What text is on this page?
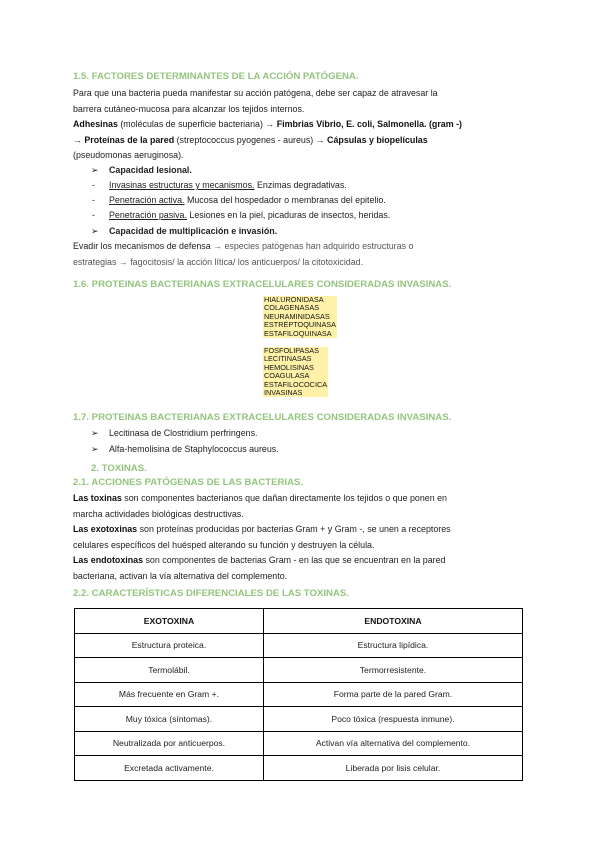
1.5. FACTORES DETERMINANTES DE LA ACCIÓN PATÓGENA.
Para que una bacteria pueda manifestar su acción patógena, debe ser capaz de atravesar la
barrera cutáneo-mucosa para alcanzar los tejidos internos.
Adhesinas (moléculas de superficie bacteriana) → Fimbrias Vibrio, E. coli, Salmonella. (gram -)
→ Proteínas de la pared (streptococcus pyogenes - aureus) → Cápsulas y biopelículas
(pseudomonas aeruginosa).
➢ Capacidad lesional.
- Invasinas estructuras y mecanismos. Enzimas degradativas.
- Penetración activa. Mucosa del hospedador o membranas del epitelio.
- Penetración pasiva. Lesiones en la piel, picaduras de insectos, heridas.
➢ Capacidad de multiplicación e invasión.
Evadir los mecanismos de defensa → especies patógenas han adquirido estructuras o
estrategias → fagocitosis/ la acción lítica/ los anticuerpos/ la citotoxicidad.
1.6. PROTEINAS BACTERIANAS EXTRACELULARES CONSIDERADAS INVASINAS.
HIALURONIDASA
COLAGENASAS
NEURAMINIDASAS
ESTREPTOQUINASA
ESTAFILOQUINASA
FOSFOLIPASAS
LECITINASAS
HEMOLISINAS
COAGULASA
ESTAFILOCOCICA
INVASINAS
1.7. PROTEINAS BACTERIANAS EXTRACELULARES CONSIDERADAS INVASINAS.
➢ Lecitinasa de Clostridium perfringens.
➢ Alfa-hemolisina de Staphylococcus aureus.
2. TOXINAS.
2.1. ACCIONES PATÓGENAS DE LAS BACTERIAS.
Las toxinas son componentes bacterianos que dañan directamente los tejidos o que ponen en
marcha actividades biológicas destructivas.
Las exotoxinas son proteínas producidas por bacterias Gram + y Gram -, se unen a receptores
celulares específicos del huésped alterando su función y destruyen la célula.
Las endotoxinas son componentes de bacterias Gram - en las que se encuentran en la pared
bacteriana, activan la vía alternativa del complemento.
2.2. CARACTERÍSTICAS DIFERENCIALES DE LAS TOXINAS.
EXOTOXINA	ENDOTOXINA
Estructura proteica.	Estructura lipídica.
Termolábil.	Termorresistente.
Más frecuente en Gram +.	Forma parte de la pared Gram.
Muy tóxica (síntomas).	Poco tóxica (respuesta inmune).
Neutralizada por anticuerpos.	Activan vía alternativa del complemento.
Excretada activamente.	Liberada por lisis celular.
